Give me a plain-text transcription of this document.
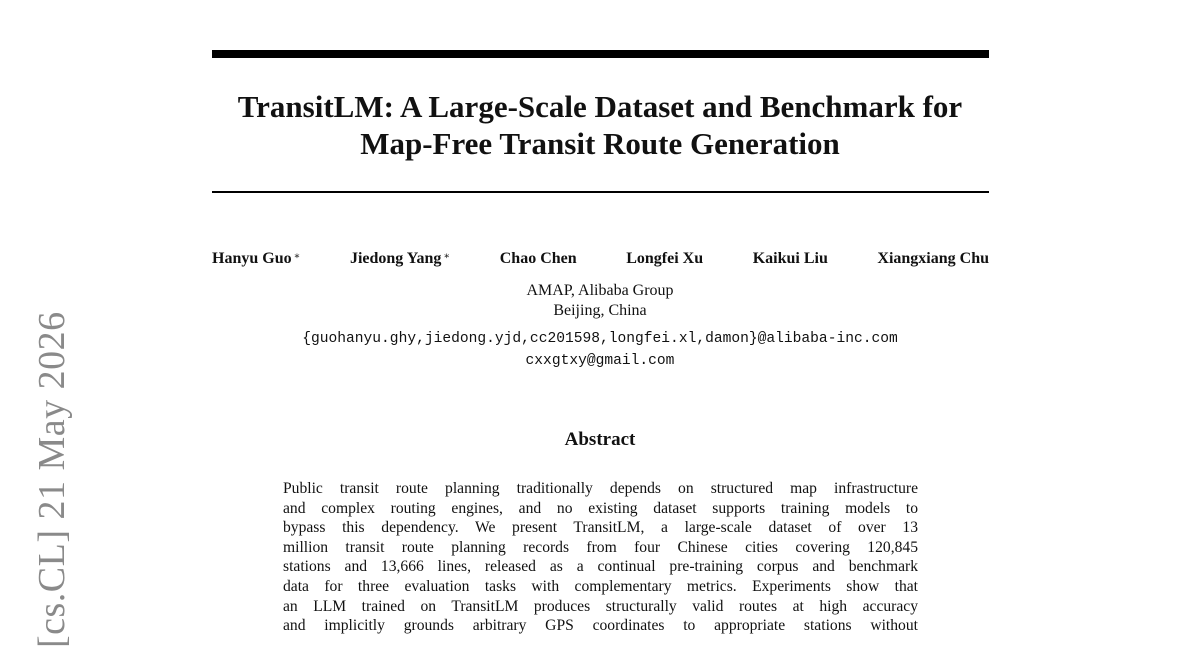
TransitLM: A Large-Scale Dataset and Benchmark for
Map-Free Transit Route Generation
Hanyu Guo ∗	Jiedong Yang ∗	Chao Chen	Longfei Xu	Kaikui Liu	Xiangxiang Chu
AMAP, Alibaba Group
Beijing, China
{guohanyu.ghy,jiedong.yjd,cc201598,longfei.xl,damon}@alibaba-inc.com
cxxgtxy@gmail.com
Abstract
Public transit route planning traditionally depends on structured map infrastructure
and complex routing engines, and no existing dataset supports training models to
bypass this dependency. We present TransitLM, a large-scale dataset of over 13
million transit route planning records from four Chinese cities covering 120,845
stations and 13,666 lines, released as a continual pre-training corpus and benchmark
data for three evaluation tasks with complementary metrics. Experiments show that
an LLM trained on TransitLM produces structurally valid routes at high accuracy
and implicitly grounds arbitrary GPS coordinates to appropriate stations without
[cs.CL] 21 May 2026
